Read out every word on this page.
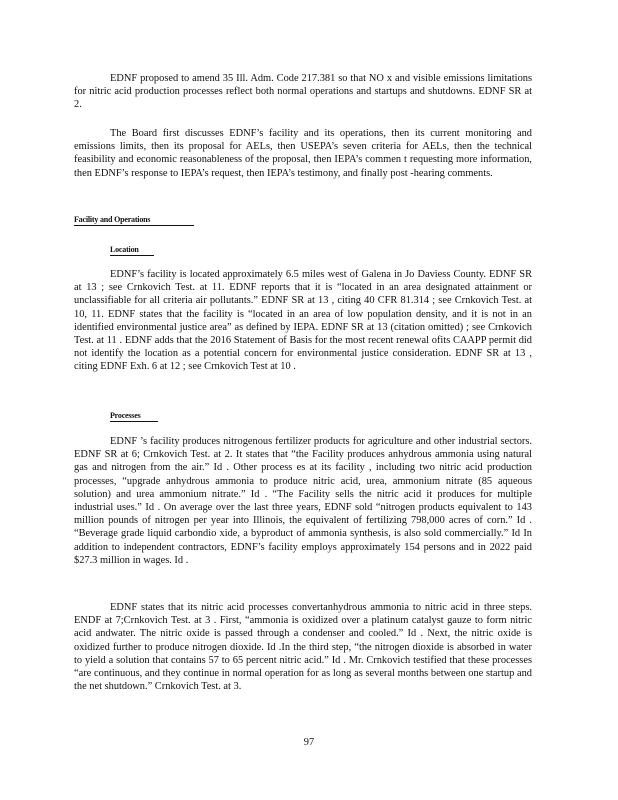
EDNF proposed to amend 35 Ill. Adm. Code 217.381 so that NO x and visible emissions limitations for nitric acid production processes reflect both normal operations and startups and shutdowns. EDNF SR at 2.

The Board first discusses EDNF’s facility and its operations, then its current monitoring and emissions limits, then its proposal for AELs, then USEPA’s seven criteria for AELs, then the technical feasibility and economic reasonableness of the proposal, then IEPA’s commen t requesting more information, then EDNF’s response to IEPA’s request, then IEPA’s testimony, and finally post -hearing comments.

Facility and Operations

Location

EDNF’s facility is located approximately 6.5 miles west of Galena in Jo Daviess County. EDNF SR at 13 ; see Crnkovich Test. at 11. EDNF reports that it is “located in an area designated attainment or unclassifiable for all criteria air pollutants.” EDNF SR at 13 , citing 40 CFR 81.314 ; see Crnkovich Test. at 10, 11. EDNF states that the facility is “located in an area of low population density, and it is not in an identified environmental justice area” as defined by IEPA. EDNF SR at 13 (citation omitted) ; see Crnkovich Test. at 11 . EDNF adds that the 2016 Statement of Basis for the most recent renewal ofits CAAPP permit did not identify the location as a potential concern for environmental justice consideration. EDNF SR at 13 , citing EDNF Exh. 6 at 12 ; see Crnkovich Test at 10 .

Processes

EDNF ’s facility produces nitrogenous fertilizer products for agriculture and other industrial sectors. EDNF SR at 6; Crnkovich Test. at 2. It states that “the Facility produces anhydrous ammonia using natural gas and nitrogen from the air.” Id . Other process es at its facility , including two nitric acid production processes, “upgrade anhydrous ammonia to produce nitric acid, urea, ammonium nitrate (85 aqueous solution) and urea ammonium nitrate.” Id . “The Facility sells the nitric acid it produces for multiple industrial uses.” Id . On average over the last three years, EDNF sold “nitrogen products equivalent to 143 million pounds of nitrogen per year into Illinois, the equivalent of fertilizing 798,000 acres of corn.” Id . “Beverage grade liquid carbondio xide, a byproduct of ammonia synthesis, is also sold commercially.” Id In addition to independent contractors, EDNF’s facility employs approximately 154 persons and in 2022 paid $27.3 million in wages. Id .

EDNF states that its nitric acid processes convertanhydrous ammonia to nitric acid in three steps. ENDF at 7;Crnkovich Test. at 3 . First, “ammonia is oxidized over a platinum catalyst gauze to form nitric acid andwater. The nitric oxide is passed through a condenser and cooled.” Id . Next, the nitric oxide is oxidized further to produce nitrogen dioxide. Id .In the third step, “the nitrogen dioxide is absorbed in water to yield a solution that contains 57 to 65 percent nitric acid.” Id . Mr. Crnkovich testified that these processes “are continuous, and they continue in normal operation for as long as several months between one startup and the net shutdown.” Crnkovich Test. at 3.

97
